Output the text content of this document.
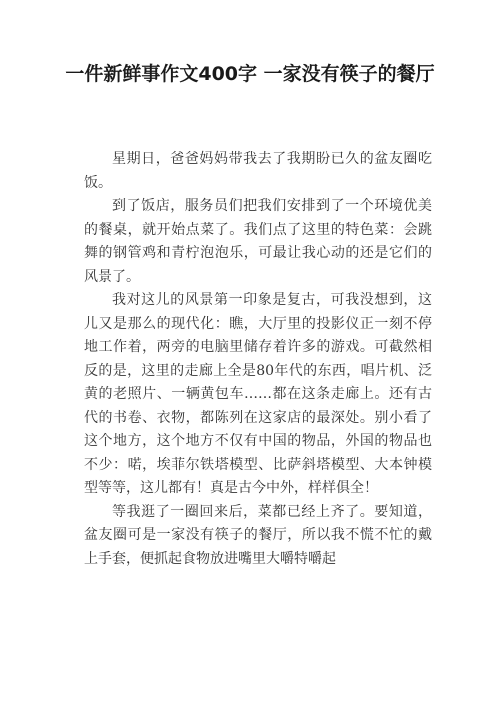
一件新鲜事作文400字 一家没有筷子的餐厅

星期日，爸爸妈妈带我去了我期盼已久的盆友圈吃饭。

到了饭店，服务员们把我们安排到了一个环境优美的餐桌，就开始点菜了。我们点了这里的特色菜：会跳舞的钢管鸡和青柠泡泡乐，可最让我心动的还是它们的风景了。

我对这儿的风景第一印象是复古，可我没想到，这儿又是那么的现代化：瞧，大厅里的投影仪正一刻不停地工作着，两旁的电脑里储存着许多的游戏。可截然相反的是，这里的走廊上全是80年代的东西，唱片机、泛黄的老照片、一辆黄包车……都在这条走廊上。还有古代的书卷、衣物，都陈列在这家店的最深处。别小看了这个地方，这个地方不仅有中国的物品，外国的物品也不少：喏，埃菲尔铁塔模型、比萨斜塔模型、大本钟模型等等，这儿都有！真是古今中外，样样俱全！

等我逛了一圈回来后，菜都已经上齐了。要知道，盆友圈可是一家没有筷子的餐厅，所以我不慌不忙的戴上手套，便抓起食物放进嘴里大嚼特嚼起
